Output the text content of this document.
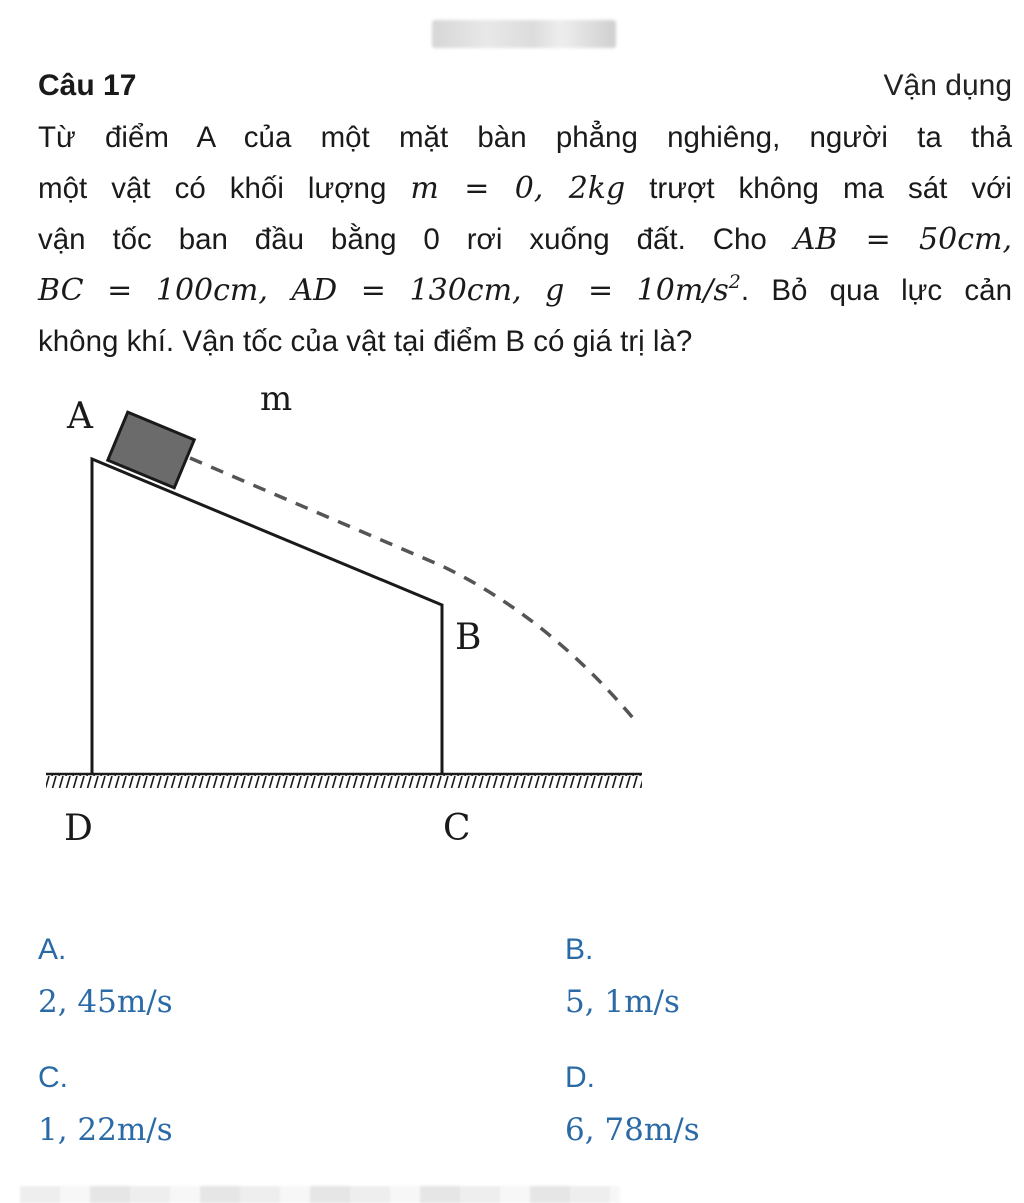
Câu 17	Vận dụng
Từ điểm A của một mặt bàn phẳng nghiêng, người ta thả
một vật có khối lượng m = 0, 2kg trượt không ma sát với
vận tốc ban đầu bằng 0 rơi xuống đất. Cho AB = 50cm,
BC = 100cm, AD = 130cm, $g = 10m/s^2$. Bỏ qua lực cản
không khí. Vận tốc của vật tại điểm B có giá trị là?
A	m
B
D	C
A.
2, 45m/s
B.
5, 1m/s
C.
1, 22m/s
D.
6, 78m/s
